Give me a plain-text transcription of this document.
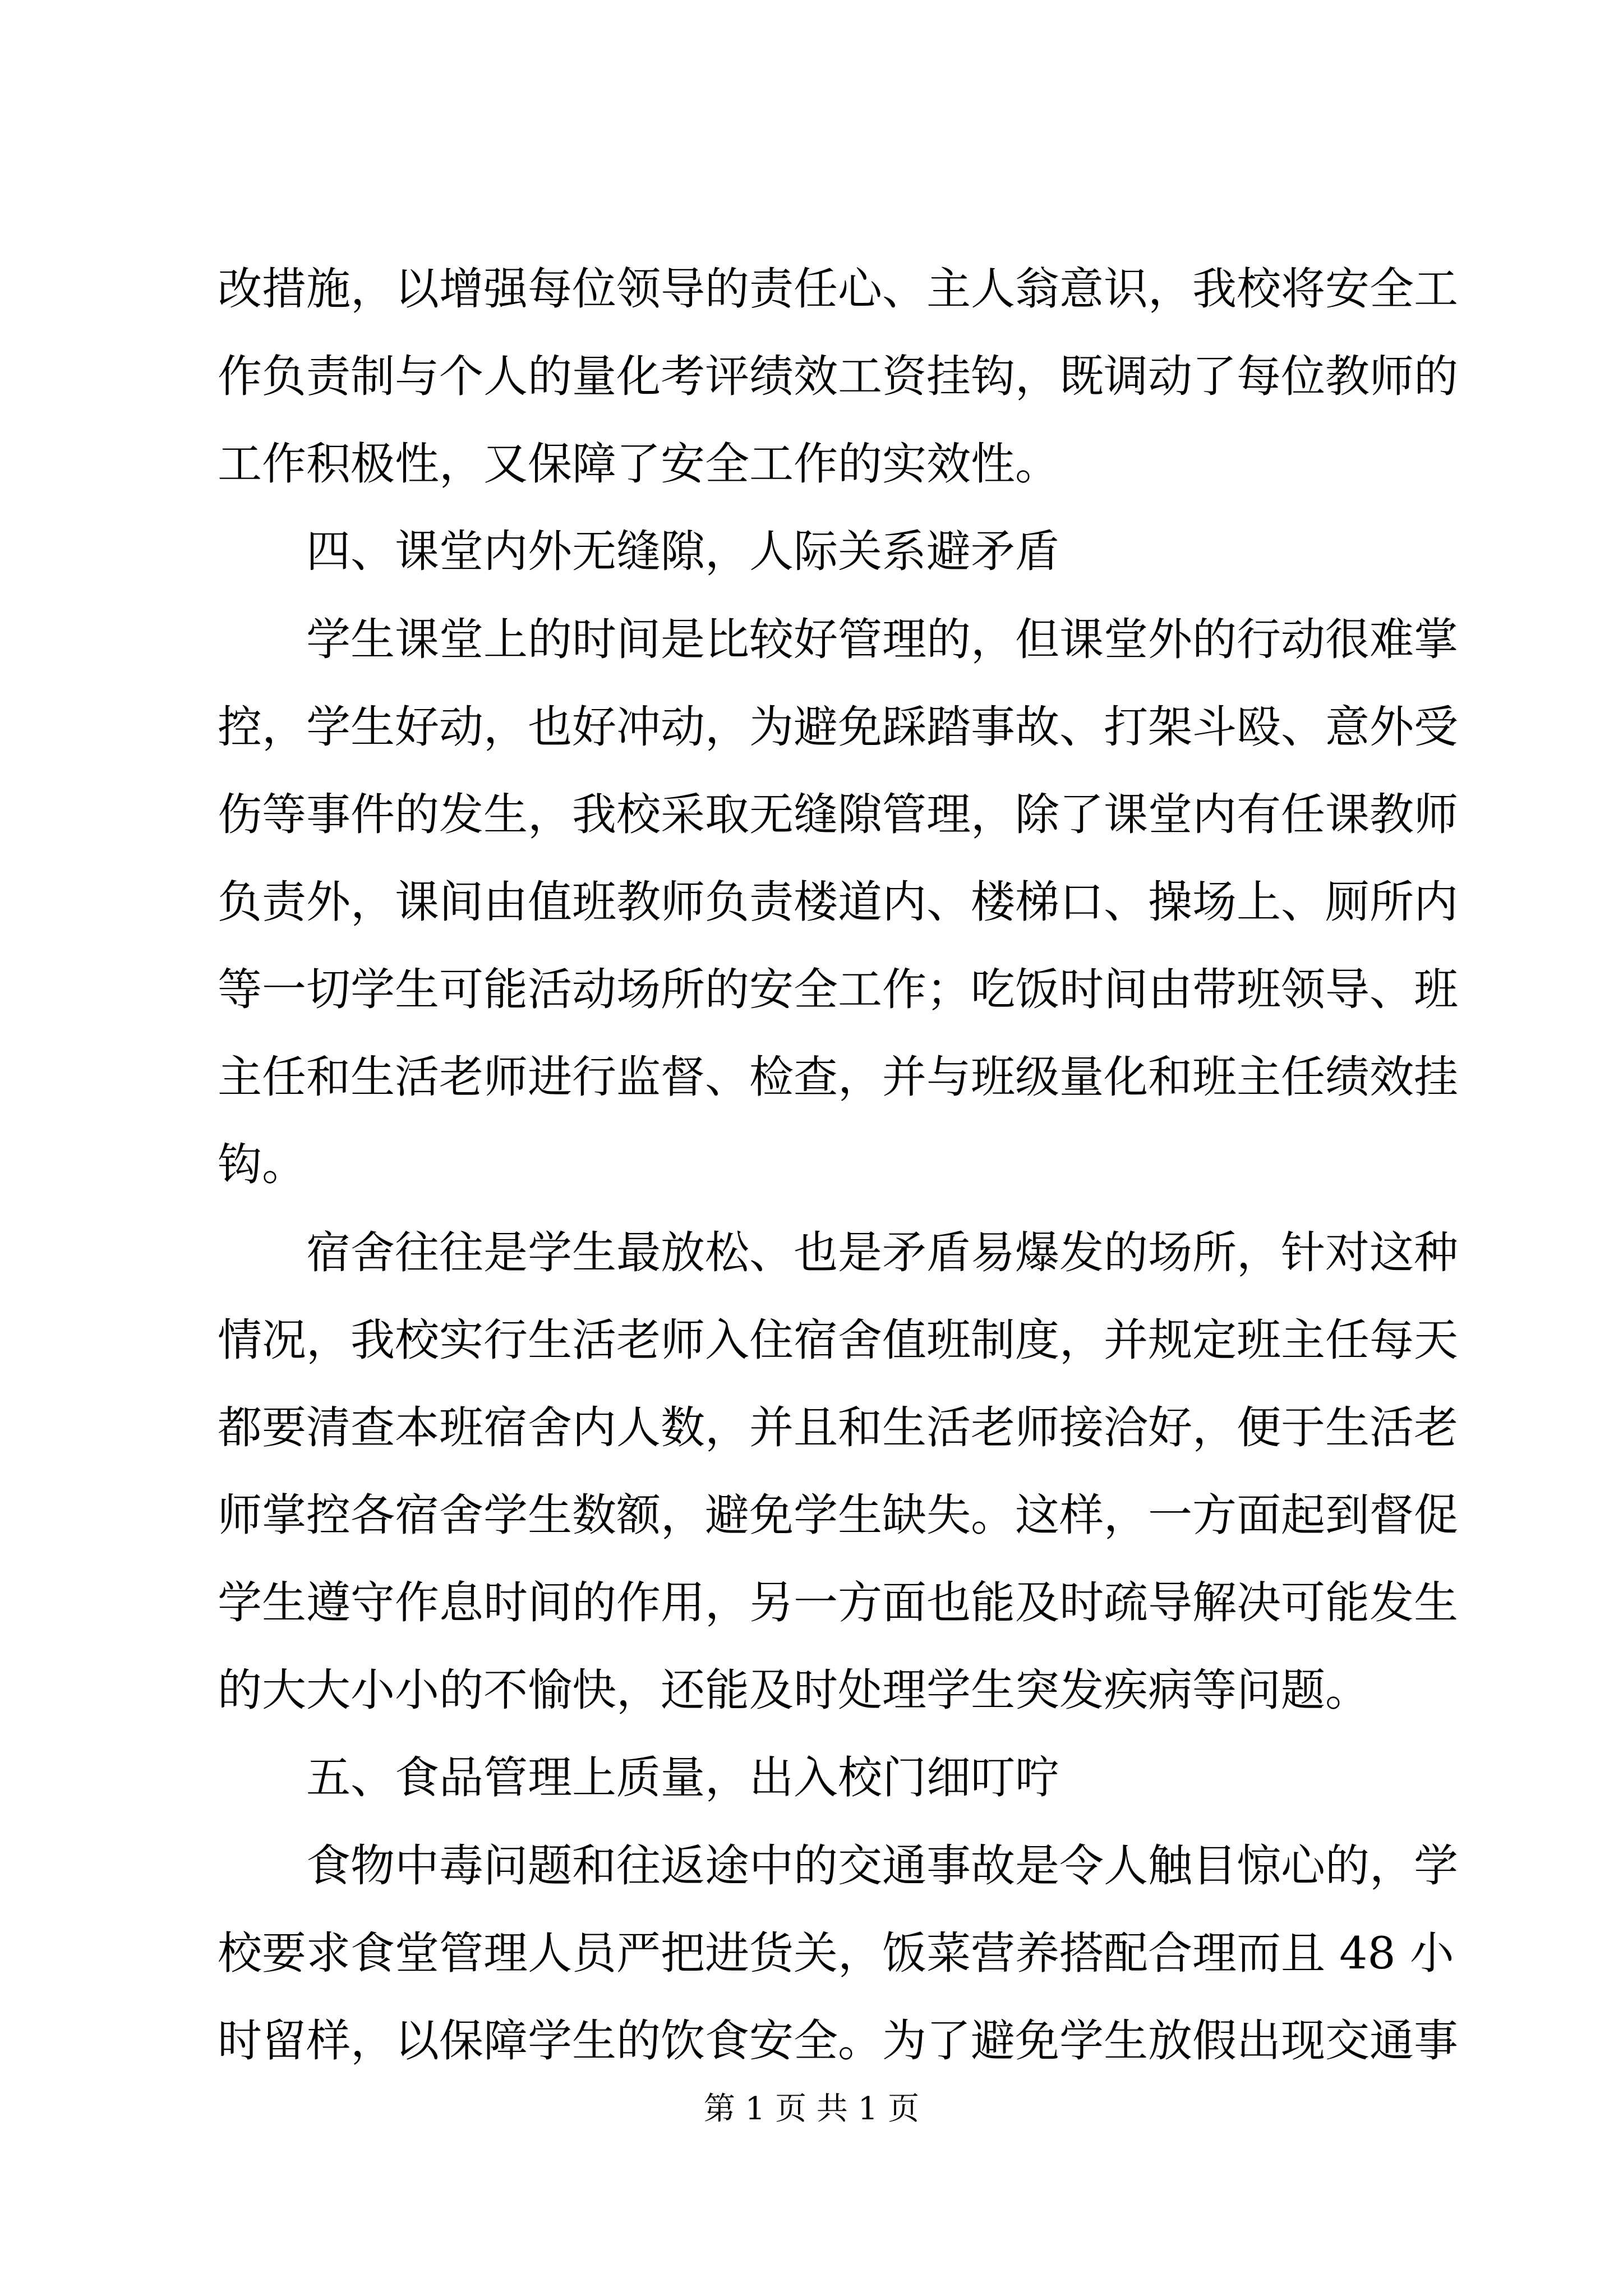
改措施，以增强每位领导的责任心、主人翁意识，我校将安全工
作负责制与个人的量化考评绩效工资挂钩，既调动了每位教师的
工作积极性，又保障了安全工作的实效性。
四、课堂内外无缝隙，人际关系避矛盾
学生课堂上的时间是比较好管理的，但课堂外的行动很难掌
控，学生好动，也好冲动，为避免踩踏事故、打架斗殴、意外受
伤等事件的发生，我校采取无缝隙管理，除了课堂内有任课教师
负责外，课间由值班教师负责楼道内、楼梯口、操场上、厕所内
等一切学生可能活动场所的安全工作；吃饭时间由带班领导、班
主任和生活老师进行监督、检查，并与班级量化和班主任绩效挂
钩。
宿舍往往是学生最放松、也是矛盾易爆发的场所，针对这种
情况，我校实行生活老师入住宿舍值班制度，并规定班主任每天
都要清查本班宿舍内人数，并且和生活老师接洽好，便于生活老
师掌控各宿舍学生数额，避免学生缺失。这样，一方面起到督促
学生遵守作息时间的作用，另一方面也能及时疏导解决可能发生
的大大小小的不愉快，还能及时处理学生突发疾病等问题。
五、食品管理上质量，出入校门细叮咛
食物中毒问题和往返途中的交通事故是令人触目惊心的，学
校要求食堂管理人员严把进货关，饭菜营养搭配合理而且 48 小
时留样，以保障学生的饮食安全。为了避免学生放假出现交通事
第 1 页 共 1 页
